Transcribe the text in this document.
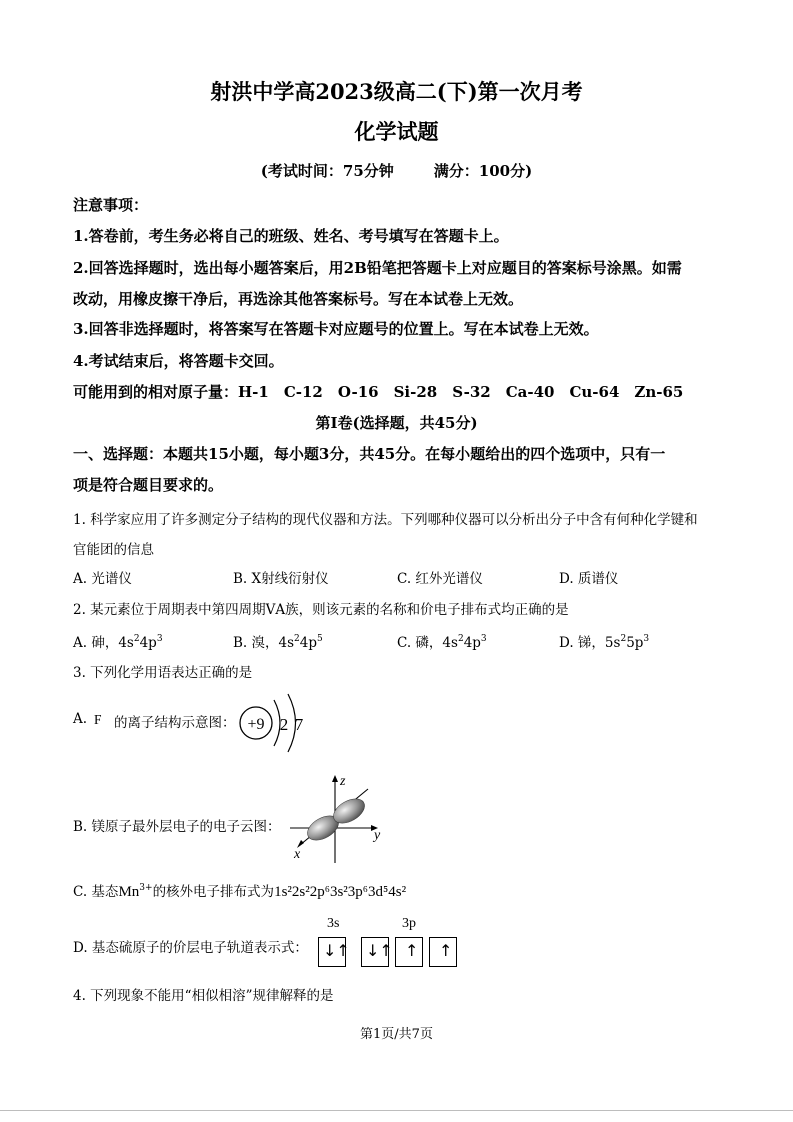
射洪中学高2023级高二(下)第一次月考
化学试题
(考试时间：75分钟	满分：100分)
注意事项：
1.答卷前，考生务必将自己的班级、姓名、考号填写在答题卡上。
2.回答选择题时，选出每小题答案后，用2B铅笔把答题卡上对应题目的答案标号涂黑。如需
改动，用橡皮擦干净后，再选涂其他答案标号。写在本试卷上无效。
3.回答非选择题时，将答案写在答题卡对应题号的位置上。写在本试卷上无效。
4.考试结束后，将答题卡交回。
可能用到的相对原子量：H-1　C-12　O-16　Si-28　S-32　Ca-40　Cu-64　Zn-65
第I卷(选择题，共45分)
一、选择题：本题共15小题，每小题3分，共45分。在每小题给出的四个选项中，只有一
项是符合题目要求的。
1. 科学家应用了许多测定分子结构的现代仪器和方法。下列哪种仪器可以分析出分子中含有何种化学键和
官能团的信息
A. 光谱仪	B. X射线衍射仪	C. 红外光谱仪	D. 质谱仪
2. 某元素位于周期表中第四周期ⅤA族，则该元素的名称和价电子排布式均正确的是
A. 砷，$4s^24p^3$	B. 溴，$4s^24p^5$	C. 磷，$4s^24p^3$	D. 锑，$5s^25p^3$
3. 下列化学用语表达正确的是
A. F 的离子结构示意图： +9 2 7
B. 镁原子最外层电子的电子云图：
z
y
x
C. 基态$Mn^{3+}$的核外电子排布式为1s²2s²2p⁶3s²3p⁶3d⁵4s²
D. 基态硫原子的价层电子轨道表示式：
3s	3p
↓↑ ↓↑ ↑ ↑
4. 下列现象不能用“相似相溶”规律解释的是
第1页/共7页
